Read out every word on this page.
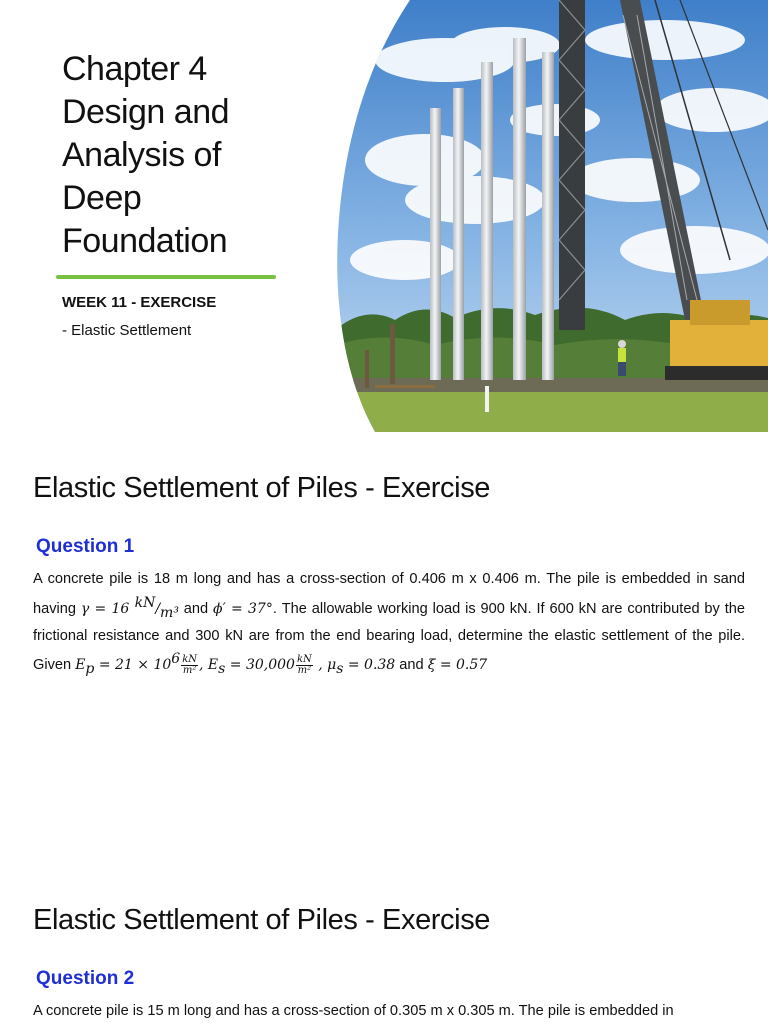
Chapter 4
Design and
Analysis of
Deep
Foundation
WEEK 11 - EXERCISE
- Elastic Settlement
Elastic Settlement of Piles - Exercise
Question 1

A concrete pile is 18 m long and has a cross-section of 0.406 m x 0.406 m. The pile is embedded in sand having γ = 16 $^{kN}/_{m^3}$ and ϕ′ = 37°. The allowable working load is 900 kN. If 600 kN are contributed by the frictional resistance and 300 kN are from the end bearing load, determine the elastic settlement of the pile. Given $E_p = 21 \times 10^6 \frac{kN}{\text{m²}}$ , $E_s = 30,000 \frac{kN}{\text{m²}}$ , $\mu_s = 0.38$ and ξ = 0.57

Elastic Settlement of Piles - Exercise
Question 2

A concrete pile is 15 m long and has a cross-section of 0.305 m x 0.305 m. The pile is embedded in
